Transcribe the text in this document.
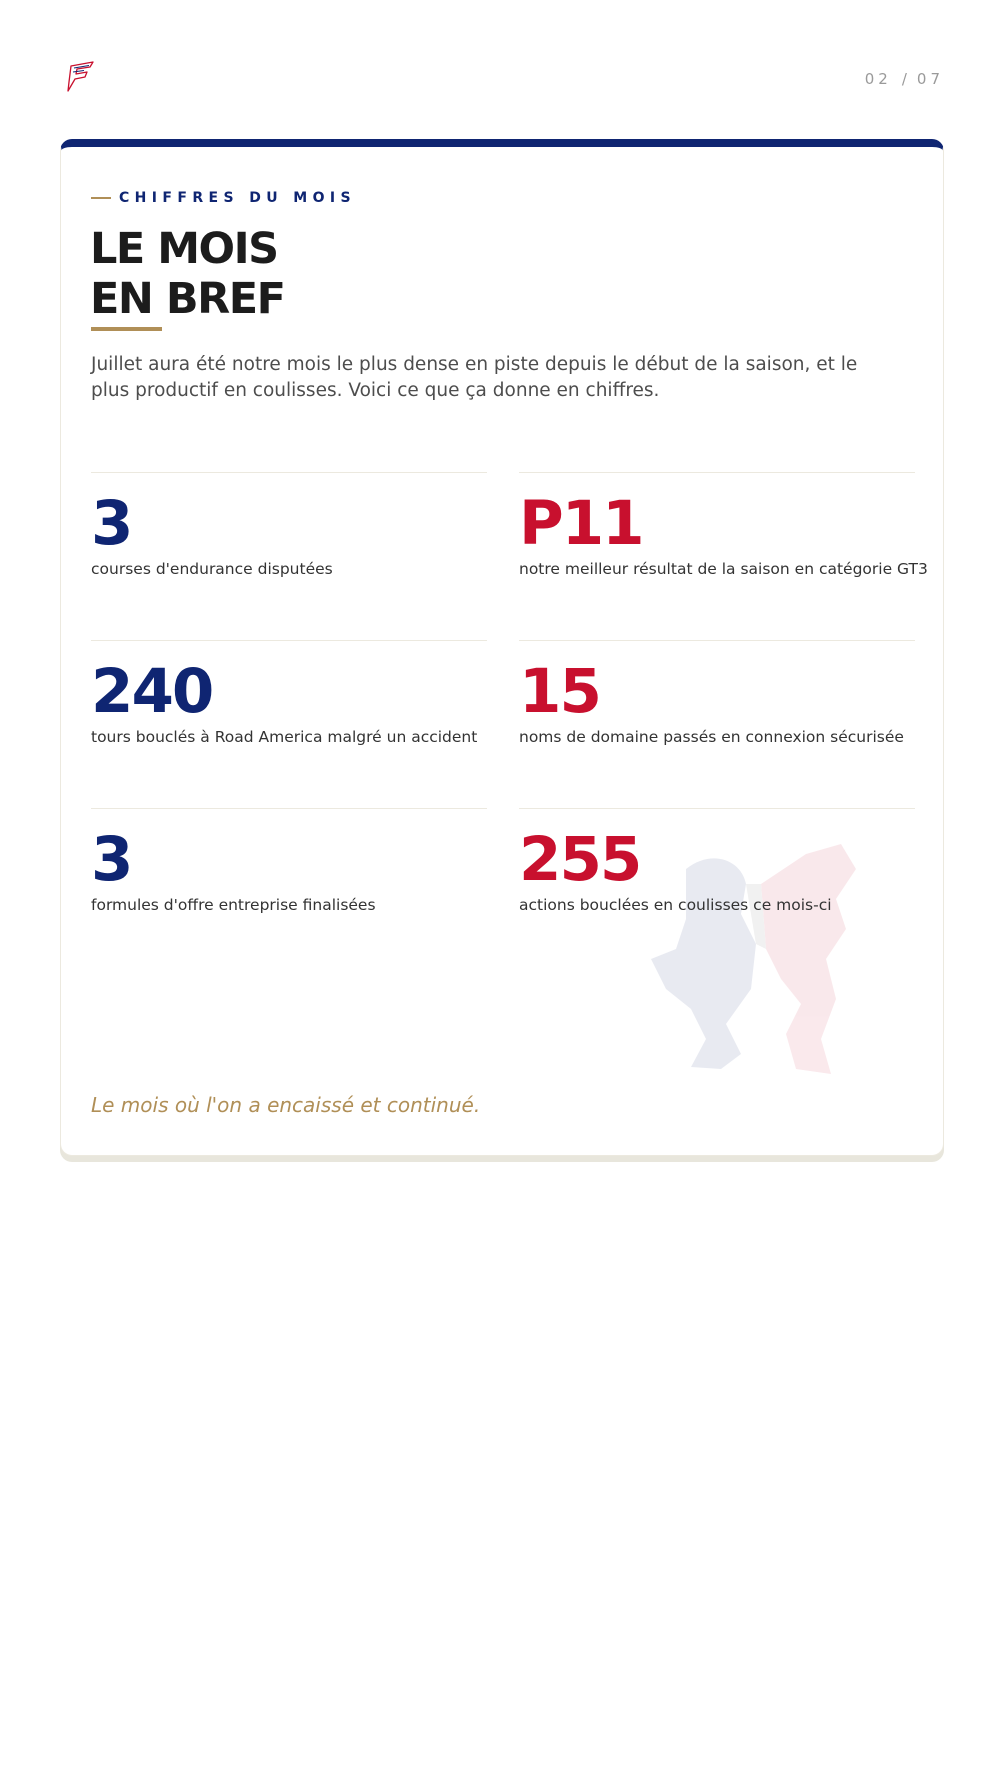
02 / 07
CHIFFRES DU MOIS
LE MOIS
EN BREF

Juillet aura été notre mois le plus dense en piste depuis le début de la saison, et le plus productif en coulisses. Voici ce que ça donne en chiffres.

3
courses d'endurance disputées
P11
notre meilleur résultat de la saison en catégorie GT3
240
tours bouclés à Road America malgré un accident
15
noms de domaine passés en connexion sécurisée
3
formules d'offre entreprise finalisées
255
actions bouclées en coulisses ce mois-ci

Le mois où l'on a encaissé et continué.
